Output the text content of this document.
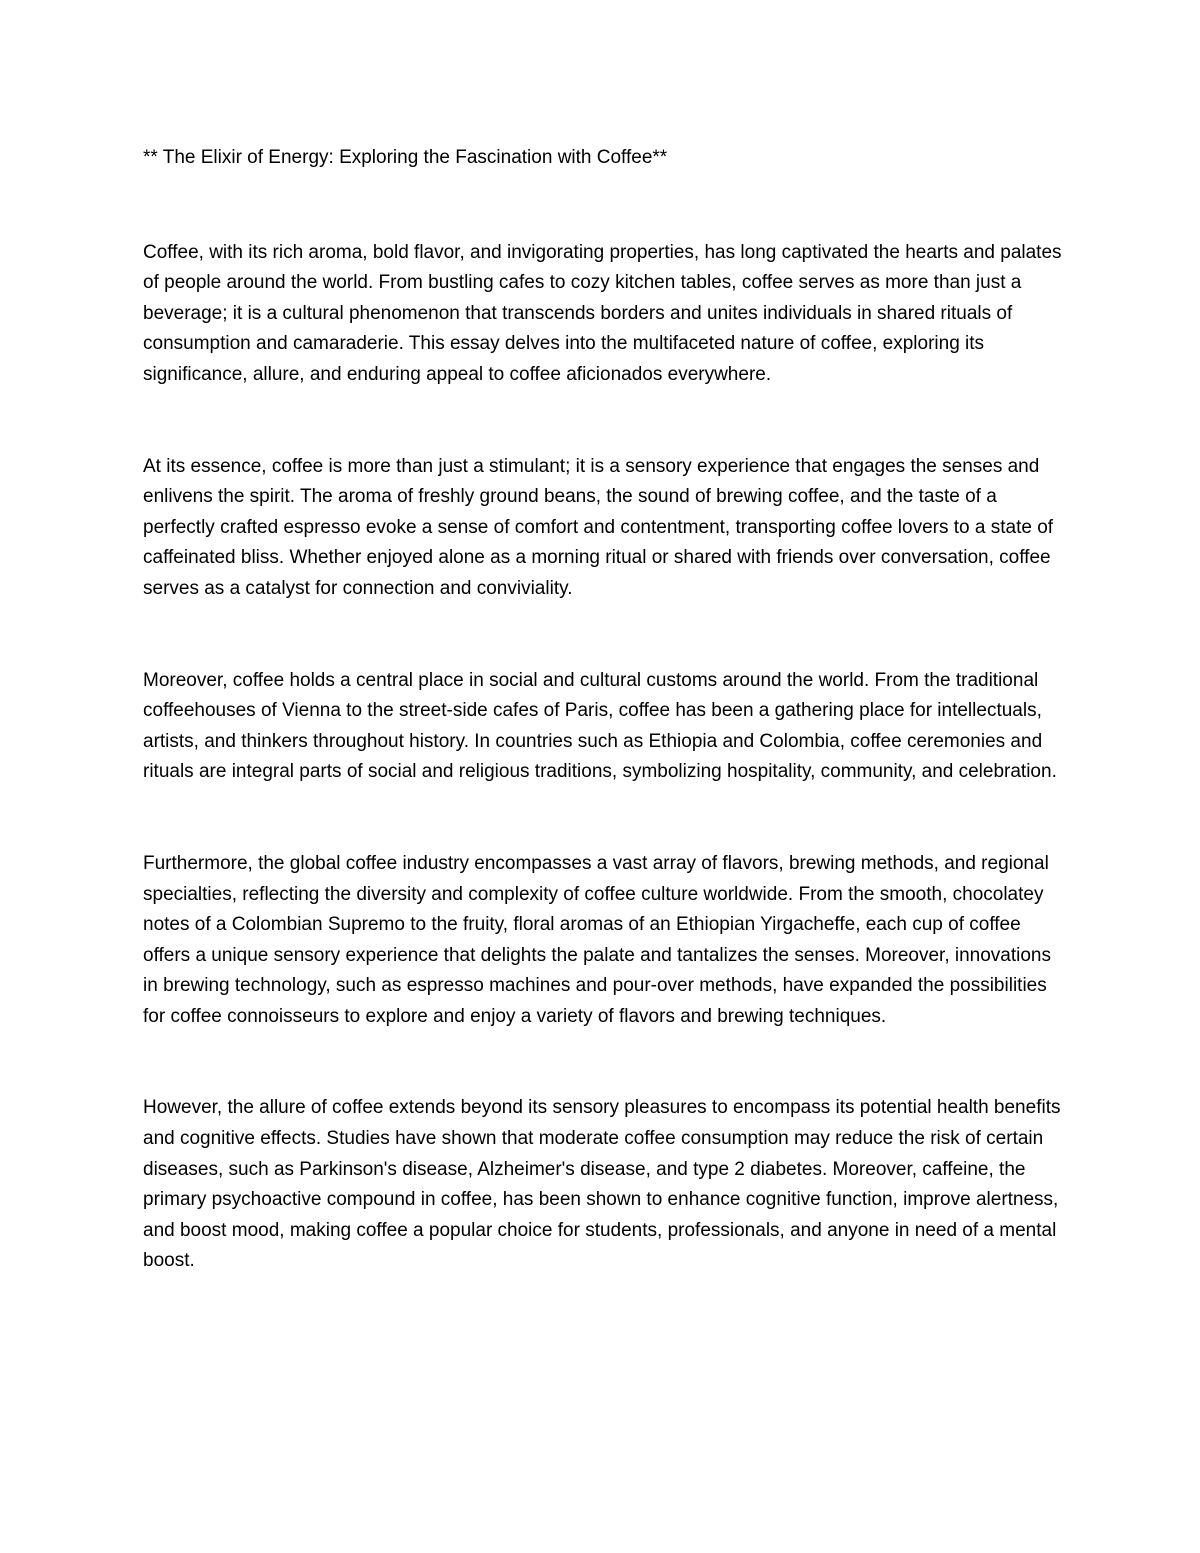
** The Elixir of Energy: Exploring the Fascination with Coffee**

Coffee, with its rich aroma, bold flavor, and invigorating properties, has long captivated the hearts and palates of people around the world. From bustling cafes to cozy kitchen tables, coffee serves as more than just a beverage; it is a cultural phenomenon that transcends borders and unites individuals in shared rituals of consumption and camaraderie. This essay delves into the multifaceted nature of coffee, exploring its significance, allure, and enduring appeal to coffee aficionados everywhere.

At its essence, coffee is more than just a stimulant; it is a sensory experience that engages the senses and enlivens the spirit. The aroma of freshly ground beans, the sound of brewing coffee, and the taste of a perfectly crafted espresso evoke a sense of comfort and contentment, transporting coffee lovers to a state of caffeinated bliss. Whether enjoyed alone as a morning ritual or shared with friends over conversation, coffee serves as a catalyst for connection and conviviality.

Moreover, coffee holds a central place in social and cultural customs around the world. From the traditional coffeehouses of Vienna to the street-side cafes of Paris, coffee has been a gathering place for intellectuals, artists, and thinkers throughout history. In countries such as Ethiopia and Colombia, coffee ceremonies and rituals are integral parts of social and religious traditions, symbolizing hospitality, community, and celebration.

Furthermore, the global coffee industry encompasses a vast array of flavors, brewing methods, and regional specialties, reflecting the diversity and complexity of coffee culture worldwide. From the smooth, chocolatey notes of a Colombian Supremo to the fruity, floral aromas of an Ethiopian Yirgacheffe, each cup of coffee offers a unique sensory experience that delights the palate and tantalizes the senses. Moreover, innovations in brewing technology, such as espresso machines and pour-over methods, have expanded the possibilities for coffee connoisseurs to explore and enjoy a variety of flavors and brewing techniques.

However, the allure of coffee extends beyond its sensory pleasures to encompass its potential health benefits and cognitive effects. Studies have shown that moderate coffee consumption may reduce the risk of certain diseases, such as Parkinson's disease, Alzheimer's disease, and type 2 diabetes. Moreover, caffeine, the primary psychoactive compound in coffee, has been shown to enhance cognitive function, improve alertness, and boost mood, making coffee a popular choice for students, professionals, and anyone in need of a mental boost.
